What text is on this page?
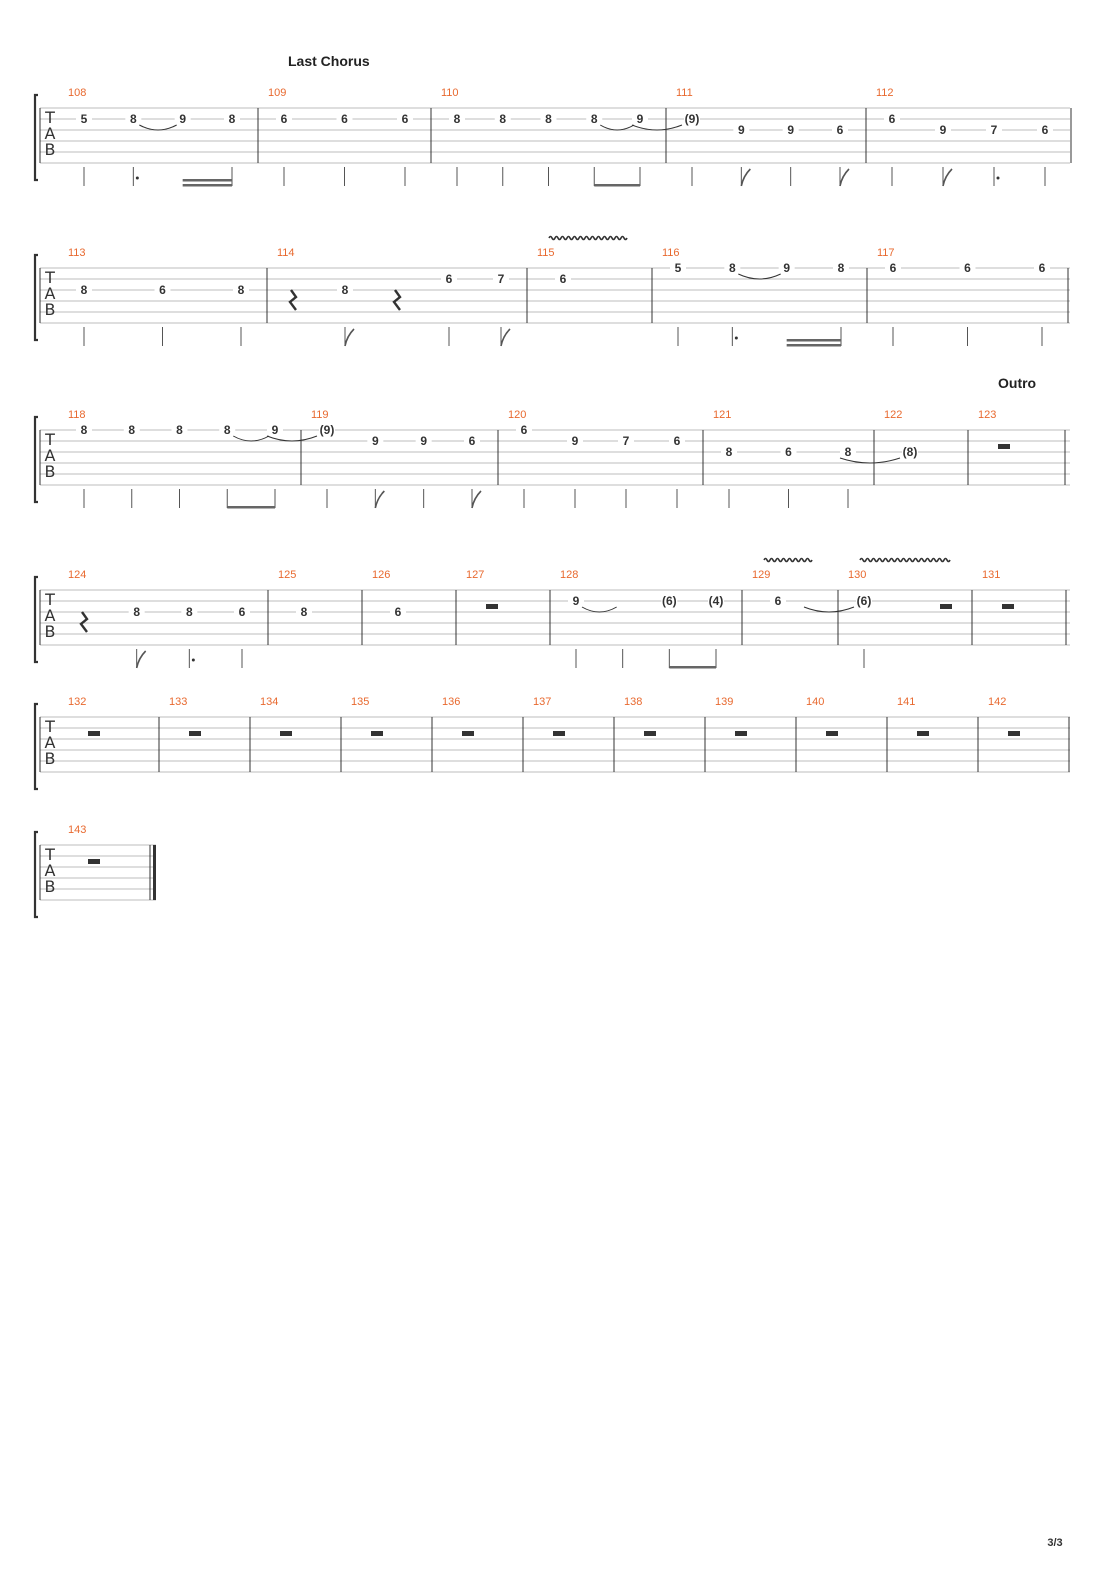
3/3
T
A
B
108
5	8	9	8
109
6	6	6
110
8	8	8	8	9
111
(9)
9	9	6
112
6
9	7	6
T
A
B
113
8	6	8
114
8
6	7
115
6
116
5	8	9	8
117
6	6	6
T
A
B
118
8	8	8	8	9
119
(9)
9	9	6
120
6
9	7	6
121
8	6	8
122
(8)
123
T
A
B
124
8	8	6
125
8
126
6
127	128
9	(6)	(4)
129
6
130
(6)
131
T
A
B
132	133	134	135	136	137	138	139	140	141	142
T
A
B
143
Last Chorus
Outro
